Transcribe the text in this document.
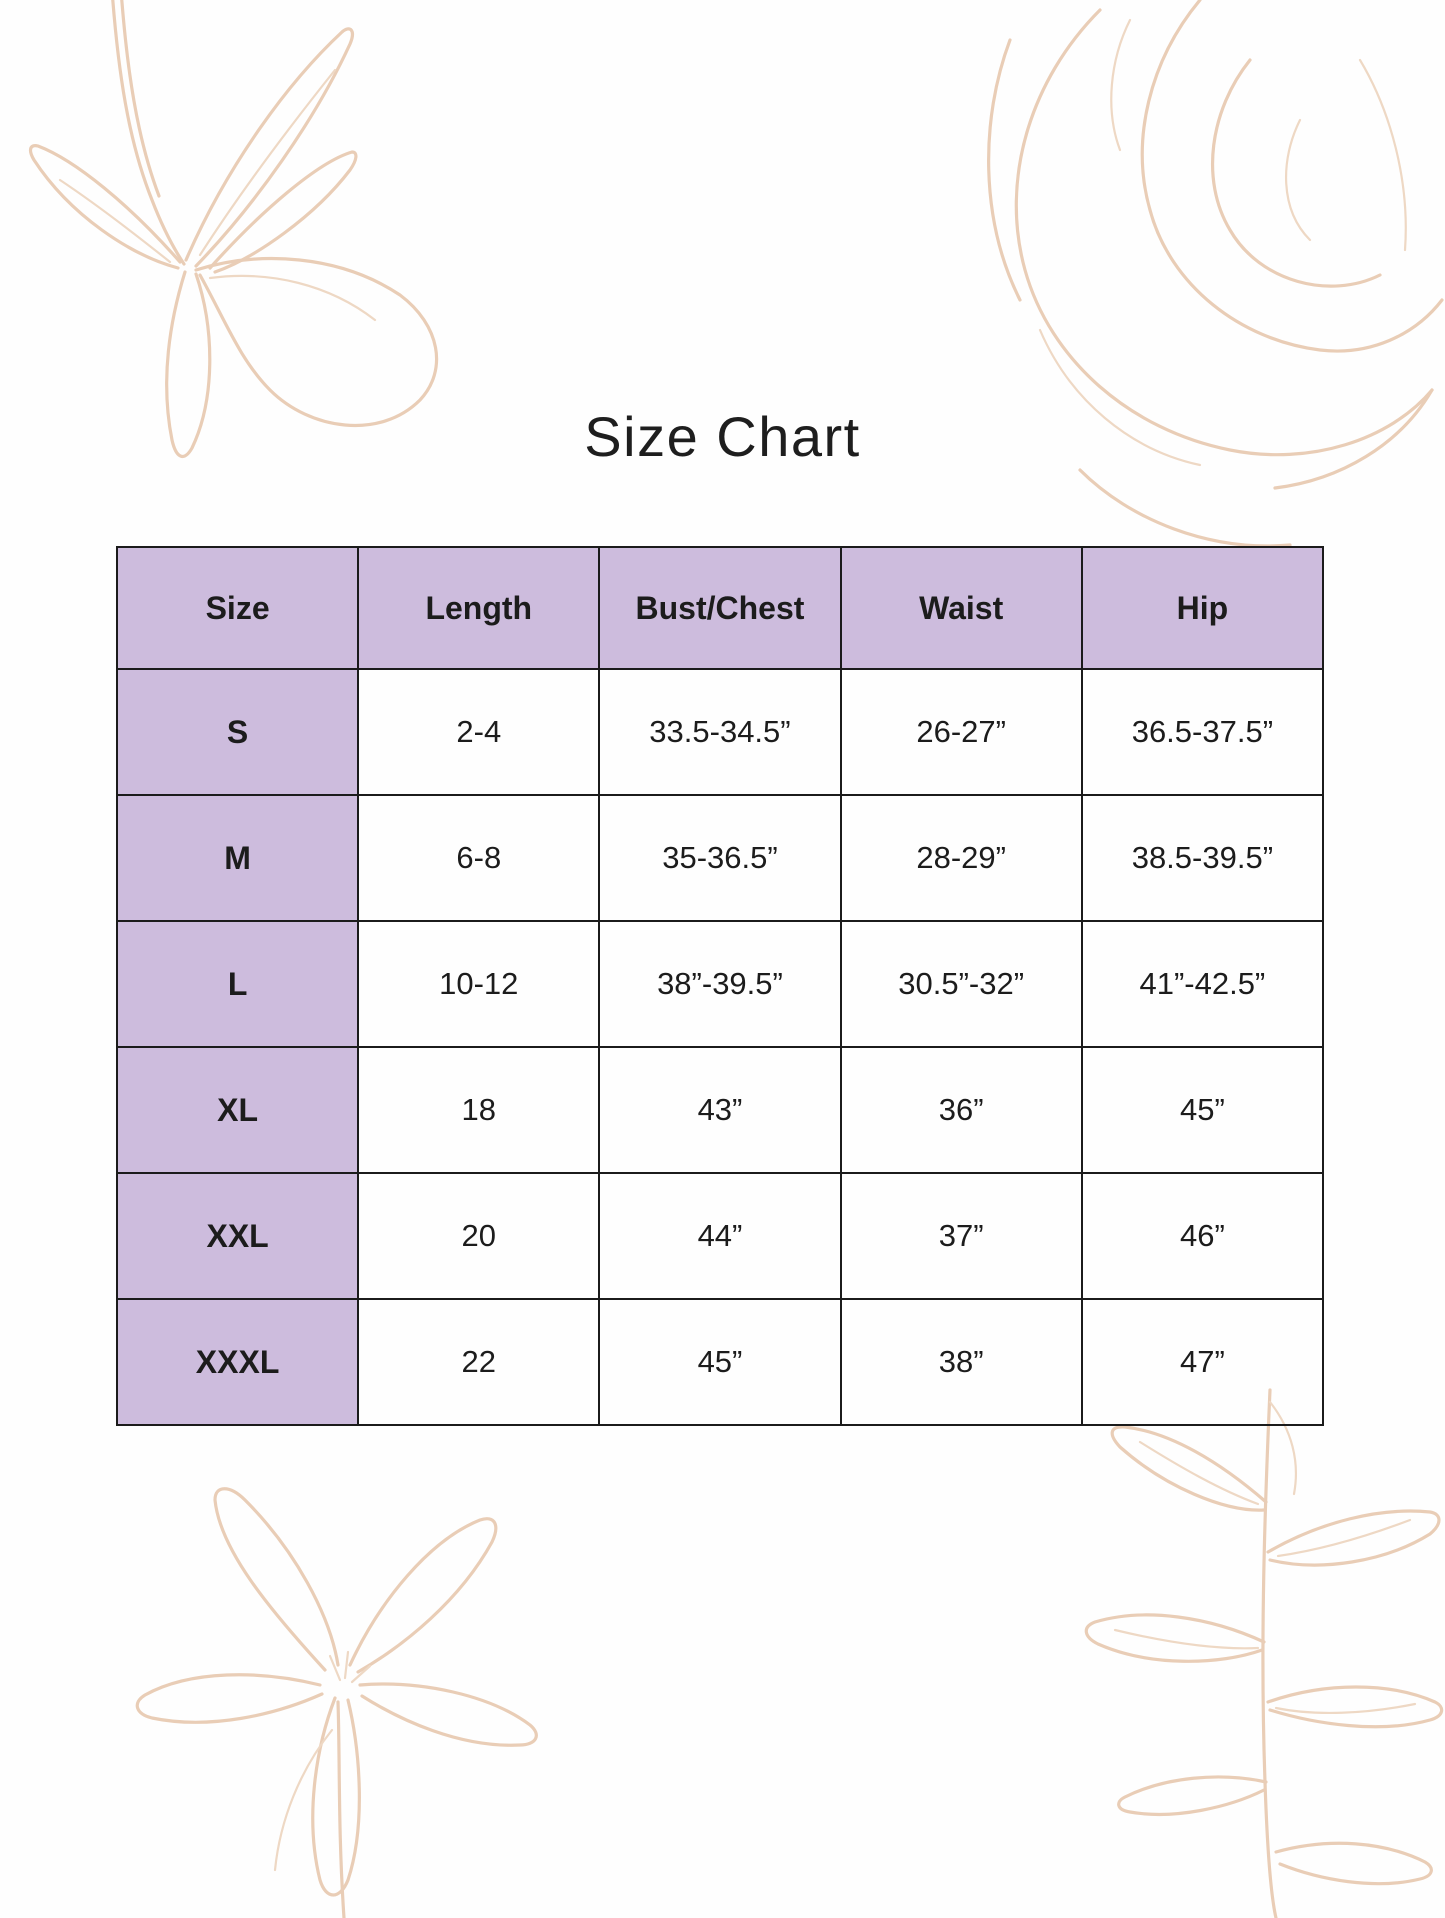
Size Chart
Size	Length	Bust/Chest	Waist	Hip
S	2-4	33.5-34.5”	26-27”	36.5-37.5”
M	6-8	35-36.5”	28-29”	38.5-39.5”
L	10-12	38”-39.5”	30.5”-32”	41”-42.5”
XL	18	43”	36”	45”
XXL	20	44”	37”	46”
XXXL	22	45”	38”	47”
